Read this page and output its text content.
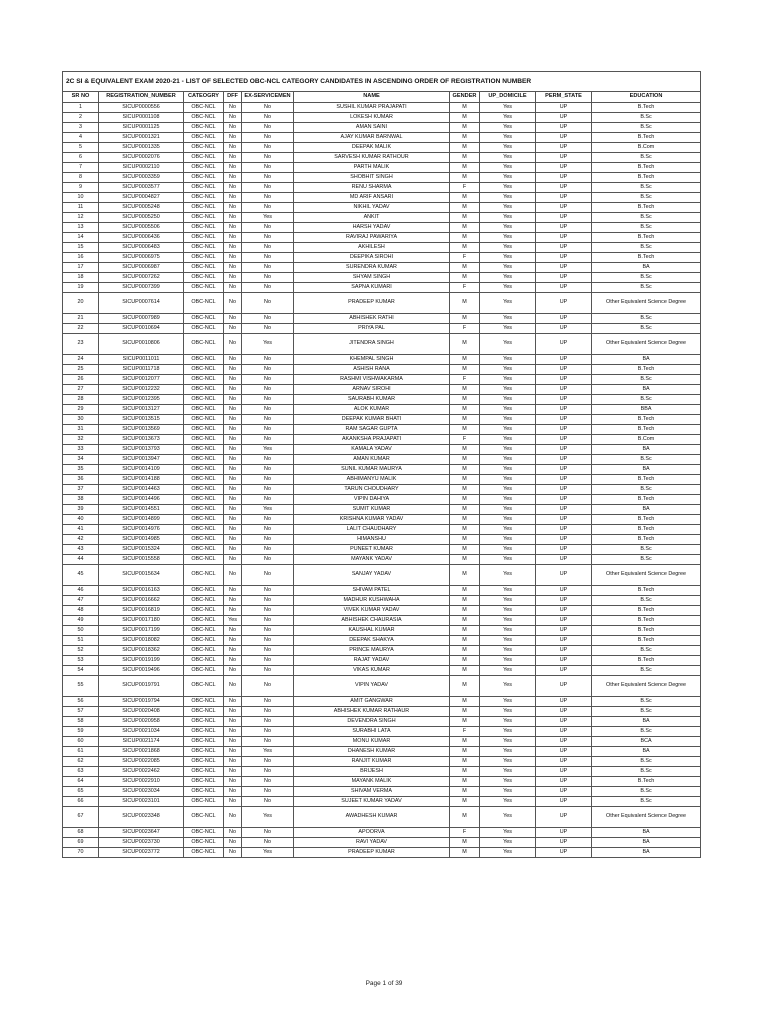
2C SI & EQUIVALENT EXAM 2020-21 - LIST OF SELECTED OBC-NCL CATEGORY CANDIDATES IN ASCENDING ORDER OF REGISTRATION NUMBER									
SR NO	REGISTRATION_NUMBER	CATEOGRY	DFF	EX-SERVICEMEN	NAME	GENDER	UP_DOMICILE	PERM_STATE	EDUCATION
1	SICUP0000556	OBC-NCL	No	No	SUSHIL KUMAR PRAJAPATI	M	Yes	UP	B.Tech
2	SICUP0001108	OBC-NCL	No	No	LOKESH KUMAR	M	Yes	UP	B.Sc
3	SICUP0001125	OBC-NCL	No	No	AMAN SAINI	M	Yes	UP	B.Sc
4	SICUP0001321	OBC-NCL	No	No	AJAY KUMAR BARNWAL	M	Yes	UP	B.Tech
5	SICUP0001335	OBC-NCL	No	No	DEEPAK MALIK	M	Yes	UP	B.Com
6	SICUP0002076	OBC-NCL	No	No	SARVESH KUMAR RATHOUR	M	Yes	UP	B.Sc
7	SICUP0002110	OBC-NCL	No	No	PARTH MALIK	M	Yes	UP	B.Tech
8	SICUP0003359	OBC-NCL	No	No	SHOBHIT SINGH	M	Yes	UP	B.Tech
9	SICUP0003577	OBC-NCL	No	No	RENU SHARMA	F	Yes	UP	B.Sc
10	SICUP0004827	OBC-NCL	No	No	MD ARIF ANSARI	M	Yes	UP	B.Sc
11	SICUP0005248	OBC-NCL	No	No	NIKHIL YADAV	M	Yes	UP	B.Tech
12	SICUP0005250	OBC-NCL	No	Yes	ANKIT	M	Yes	UP	B.Sc
13	SICUP0005506	OBC-NCL	No	No	HARSH YADAV	M	Yes	UP	B.Sc
14	SICUP0006436	OBC-NCL	No	No	RAVIRAJ PAWARIYA	M	Yes	UP	B.Tech
15	SICUP0006483	OBC-NCL	No	No	AKHILESH	M	Yes	UP	B.Sc
16	SICUP0006975	OBC-NCL	No	No	DEEPIKA SIROHI	F	Yes	UP	B.Tech
17	SICUP0006987	OBC-NCL	No	No	SURENDRA KUMAR	M	Yes	UP	BA
18	SICUP0007262	OBC-NCL	No	No	SHYAM SINGH	M	Yes	UP	B.Sc
19	SICUP0007399	OBC-NCL	No	No	SAPNA KUMARI	F	Yes	UP	B.Sc
20	SICUP0007614	OBC-NCL	No	No	PRADEEP KUMAR	M	Yes	UP	Other Equivalent Science Degree
21	SICUP0007989	OBC-NCL	No	No	ABHISHEK RATHI	M	Yes	UP	B.Sc
22	SICUP0010694	OBC-NCL	No	No	PRIYA PAL	F	Yes	UP	B.Sc
23	SICUP0010806	OBC-NCL	No	Yes	JITENDRA SINGH	M	Yes	UP	Other Equivalent Science Degree
24	SICUP0011011	OBC-NCL	No	No	KHEMPAL SINGH	M	Yes	UP	BA
25	SICUP0011718	OBC-NCL	No	No	ASHISH RANA	M	Yes	UP	B.Tech
26	SICUP0012077	OBC-NCL	No	No	RASHMI VISHWAKARMA	F	Yes	UP	B.Sc
27	SICUP0012232	OBC-NCL	No	No	ARNAV SIROHI	M	Yes	UP	BA
28	SICUP0012395	OBC-NCL	No	No	SAURABH KUMAR	M	Yes	UP	B.Sc
29	SICUP0013127	OBC-NCL	No	No	ALOK KUMAR	M	Yes	UP	BBA
30	SICUP0013515	OBC-NCL	No	No	DEEPAK KUMAR BHATI	M	Yes	UP	B.Tech
31	SICUP0013569	OBC-NCL	No	No	RAM SAGAR GUPTA	M	Yes	UP	B.Tech
32	SICUP0013673	OBC-NCL	No	No	AKANKSHA PRAJAPATI	F	Yes	UP	B.Com
33	SICUP0013793	OBC-NCL	No	Yes	KAMALA YADAV	M	Yes	UP	BA
34	SICUP0013947	OBC-NCL	No	No	AMAN KUMAR	M	Yes	UP	B.Sc
35	SICUP0014109	OBC-NCL	No	No	SUNIL KUMAR MAURYA	M	Yes	UP	BA
36	SICUP0014188	OBC-NCL	No	No	ABHIMANYU MALIK	M	Yes	UP	B.Tech
37	SICUP0014463	OBC-NCL	No	No	TARUN CHOUDHARY	M	Yes	UP	B.Sc
38	SICUP0014496	OBC-NCL	No	No	VIPIN DAHIYA	M	Yes	UP	B.Tech
39	SICUP0014551	OBC-NCL	No	Yes	SUMIT KUMAR	M	Yes	UP	BA
40	SICUP0014899	OBC-NCL	No	No	KRISHNA KUMAR YADAV	M	Yes	UP	B.Tech
41	SICUP0014976	OBC-NCL	No	No	LALIT CHAUDHARY	M	Yes	UP	B.Tech
42	SICUP0014985	OBC-NCL	No	No	HIMANSHU	M	Yes	UP	B.Tech
43	SICUP0015324	OBC-NCL	No	No	PUNEET KUMAR	M	Yes	UP	B.Sc
44	SICUP0015558	OBC-NCL	No	No	MAYANK YADAV	M	Yes	UP	B.Sc
45	SICUP0015634	OBC-NCL	No	No	SANJAY YADAV	M	Yes	UP	Other Equivalent Science Degree
46	SICUP0016163	OBC-NCL	No	No	SHIVAM PATEL	M	Yes	UP	B.Tech
47	SICUP0016662	OBC-NCL	No	No	MADHUR KUSHWAHA	M	Yes	UP	B.Sc
48	SICUP0016819	OBC-NCL	No	No	VIVEK KUMAR YADAV	M	Yes	UP	B.Tech
49	SICUP0017180	OBC-NCL	Yes	No	ABHISHEK CHAURASIA	M	Yes	UP	B.Tech
50	SICUP0017199	OBC-NCL	No	No	KAUSHAL KUMAR	M	Yes	UP	B.Tech
51	SICUP0018082	OBC-NCL	No	No	DEEPAK SHAKYA	M	Yes	UP	B.Tech
52	SICUP0018362	OBC-NCL	No	No	PRINCE MAURYA	M	Yes	UP	B.Sc
53	SICUP0019199	OBC-NCL	No	No	RAJAT YADAV	M	Yes	UP	B.Tech
54	SICUP0019496	OBC-NCL	No	No	VIKAS KUMAR	M	Yes	UP	B.Sc
55	SICUP0019791	OBC-NCL	No	No	VIPIN YADAV	M	Yes	UP	Other Equivalent Science Degree
56	SICUP0019794	OBC-NCL	No	No	AMIT GANGWAR	M	Yes	UP	B.Sc
57	SICUP0020408	OBC-NCL	No	No	ABHISHEK KUMAR RATHAUR	M	Yes	UP	B.Sc
58	SICUP0020958	OBC-NCL	No	No	DEVENDRA SINGH	M	Yes	UP	BA
59	SICUP0021034	OBC-NCL	No	No	SURABHI LATA	F	Yes	UP	B.Sc
60	SICUP0021174	OBC-NCL	No	No	MONU KUMAR	M	Yes	UP	BCA
61	SICUP0021868	OBC-NCL	No	Yes	DHANESH KUMAR	M	Yes	UP	BA
62	SICUP0022085	OBC-NCL	No	No	RANJIT KUMAR	M	Yes	UP	B.Sc
63	SICUP0022462	OBC-NCL	No	No	BRIJESH	M	Yes	UP	B.Sc
64	SICUP0022910	OBC-NCL	No	No	MAYANK MALIK	M	Yes	UP	B.Tech
65	SICUP0023034	OBC-NCL	No	No	SHIVAM VERMA	M	Yes	UP	B.Sc
66	SICUP0023101	OBC-NCL	No	No	SUJEET KUMAR YADAV	M	Yes	UP	B.Sc
67	SICUP0023348	OBC-NCL	No	Yes	AWADHESH KUMAR	M	Yes	UP	Other Equivalent Science Degree
68	SICUP0023647	OBC-NCL	No	No	APOORVA	F	Yes	UP	BA
69	SICUP0023730	OBC-NCL	No	No	RAVI YADAV	M	Yes	UP	BA
70	SICUP0023772	OBC-NCL	No	Yes	PRADEEP KUMAR	M	Yes	UP	BA
Page 1 of 39
